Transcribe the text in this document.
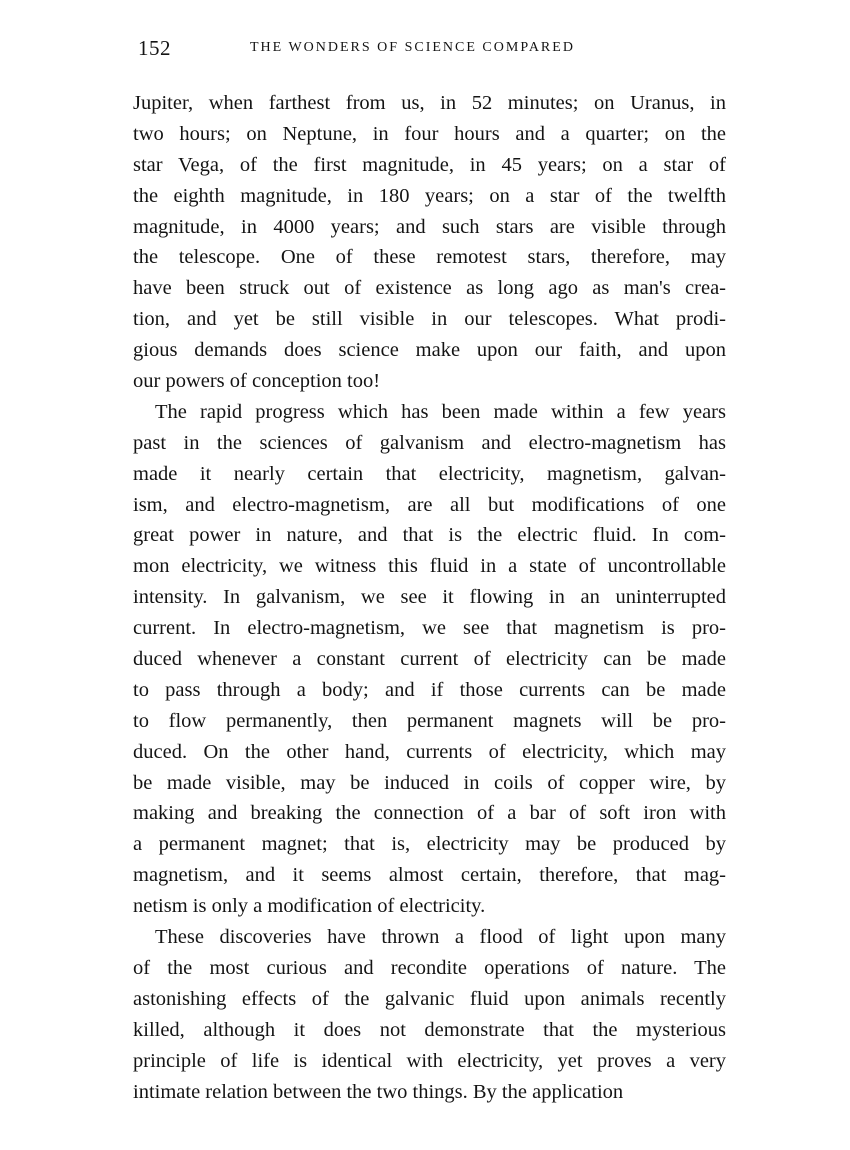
152	THE WONDERS OF SCIENCE COMPARED
Jupiter, when farthest from us, in 52 minutes; on Uranus, in
two hours; on Neptune, in four hours and a quarter; on the
star Vega, of the first magnitude, in 45 years; on a star of
the eighth magnitude, in 180 years; on a star of the twelfth
magnitude, in 4000 years; and such stars are visible through
the telescope. One of these remotest stars, therefore, may
have been struck out of existence as long ago as man's crea-
tion, and yet be still visible in our telescopes. What prodi-
gious demands does science make upon our faith, and upon
our powers of conception too!
The rapid progress which has been made within a few years
past in the sciences of galvanism and electro-magnetism has
made it nearly certain that electricity, magnetism, galvan-
ism, and electro-magnetism, are all but modifications of one
great power in nature, and that is the electric fluid. In com-
mon electricity, we witness this fluid in a state of uncontrollable
intensity. In galvanism, we see it flowing in an uninterrupted
current. In electro-magnetism, we see that magnetism is pro-
duced whenever a constant current of electricity can be made
to pass through a body; and if those currents can be made
to flow permanently, then permanent magnets will be pro-
duced. On the other hand, currents of electricity, which may
be made visible, may be induced in coils of copper wire, by
making and breaking the connection of a bar of soft iron with
a permanent magnet; that is, electricity may be produced by
magnetism, and it seems almost certain, therefore, that mag-
netism is only a modification of electricity.
These discoveries have thrown a flood of light upon many
of the most curious and recondite operations of nature. The
astonishing effects of the galvanic fluid upon animals recently
killed, although it does not demonstrate that the mysterious
principle of life is identical with electricity, yet proves a very
intimate relation between the two things. By the application
